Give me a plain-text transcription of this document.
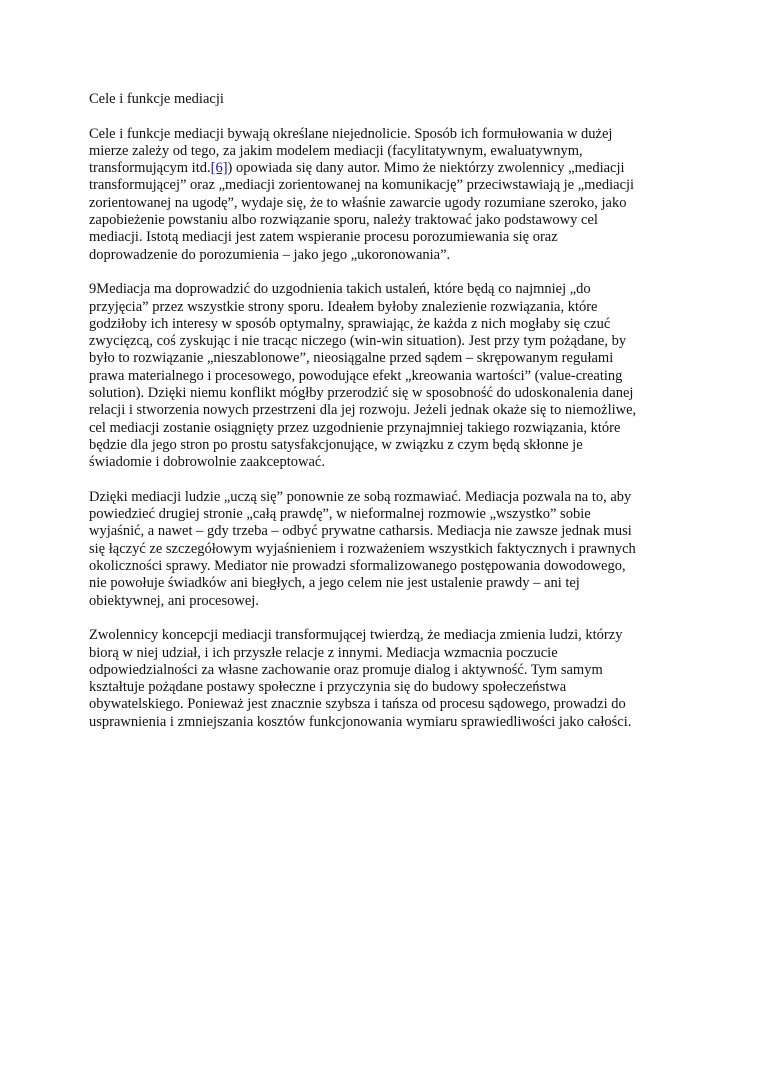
Cele i funkcje mediacji
Cele i funkcje mediacji bywają określane niejednolicie. Sposób ich formułowania w dużej
mierze zależy od tego, za jakim modelem mediacji (facylitatywnym, ewaluatywnym,
transformującym itd.[6]) opowiada się dany autor. Mimo że niektórzy zwolennicy „mediacji
transformującej” oraz „mediacji zorientowanej na komunikację” przeciwstawiają je „mediacji
zorientowanej na ugodę”, wydaje się, że to właśnie zawarcie ugody rozumiane szeroko, jako
zapobieżenie powstaniu albo rozwiązanie sporu, należy traktować jako podstawowy cel
mediacji. Istotą mediacji jest zatem wspieranie procesu porozumiewania się oraz
doprowadzenie do porozumienia – jako jego „ukoronowania”.
9Mediacja ma doprowadzić do uzgodnienia takich ustaleń, które będą co najmniej „do
przyjęcia” przez wszystkie strony sporu. Ideałem byłoby znalezienie rozwiązania, które
godziłoby ich interesy w sposób optymalny, sprawiając, że każda z nich mogłaby się czuć
zwycięzcą, coś zyskując i nie tracąc niczego (win-win situation). Jest przy tym pożądane, by
było to rozwiązanie „nieszablonowe”, nieosiągalne przed sądem – skrępowanym regułami
prawa materialnego i procesowego, powodujące efekt „kreowania wartości” (value-creating
solution). Dzięki niemu konflikt mógłby przerodzić się w sposobność do udoskonalenia danej
relacji i stworzenia nowych przestrzeni dla jej rozwoju. Jeżeli jednak okaże się to niemożliwe,
cel mediacji zostanie osiągnięty przez uzgodnienie przynajmniej takiego rozwiązania, które
będzie dla jego stron po prostu satysfakcjonujące, w związku z czym będą skłonne je
świadomie i dobrowolnie zaakceptować.
Dzięki mediacji ludzie „uczą się” ponownie ze sobą rozmawiać. Mediacja pozwala na to, aby
powiedzieć drugiej stronie „całą prawdę”, w nieformalnej rozmowie „wszystko” sobie
wyjaśnić, a nawet – gdy trzeba – odbyć prywatne catharsis. Mediacja nie zawsze jednak musi
się łączyć ze szczegółowym wyjaśnieniem i rozważeniem wszystkich faktycznych i prawnych
okoliczności sprawy. Mediator nie prowadzi sformalizowanego postępowania dowodowego,
nie powołuje świadków ani biegłych, a jego celem nie jest ustalenie prawdy – ani tej
obiektywnej, ani procesowej.
Zwolennicy koncepcji mediacji transformującej twierdzą, że mediacja zmienia ludzi, którzy
biorą w niej udział, i ich przyszłe relacje z innymi. Mediacja wzmacnia poczucie
odpowiedzialności za własne zachowanie oraz promuje dialog i aktywność. Tym samym
kształtuje pożądane postawy społeczne i przyczynia się do budowy społeczeństwa
obywatelskiego. Ponieważ jest znacznie szybsza i tańsza od procesu sądowego, prowadzi do
usprawnienia i zmniejszania kosztów funkcjonowania wymiaru sprawiedliwości jako całości.
